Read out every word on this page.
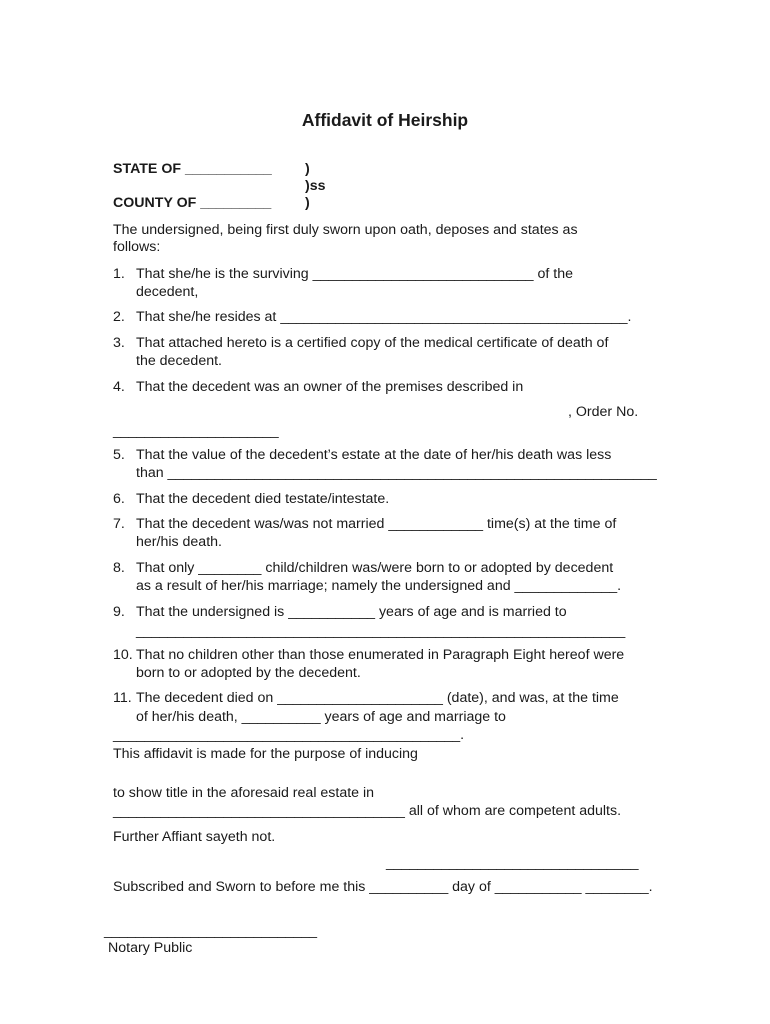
Affidavit of Heirship
STATE OF ___________ )
)ss
COUNTY OF _________ )
The undersigned, being first duly sworn upon oath, deposes and states as
follows:
1. That she/he is the surviving ____________________________ of the
decedent,
2. That she/he resides at ____________________________________________.
3. That attached hereto is a certified copy of the medical certificate of death of
the decedent.
4. That the decedent was an owner of the premises described in
, Order No.
_____________________
5. That the value of the decedent’s estate at the date of her/his death was less
than ______________________________________________________________
6. That the decedent died testate/intestate.
7. That the decedent was/was not married ____________ time(s) at the time of
her/his death.
8. That only ________ child/children was/were born to or adopted by decedent
as a result of her/his marriage; namely the undersigned and _____________.
9. That the undersigned is ___________ years of age and is married to
______________________________________________________________
10. That no children other than those enumerated in Paragraph Eight hereof were
born to or adopted by the decedent.
11. The decedent died on _____________________ (date), and was, at the time
of her/his death, __________ years of age and marriage to
____________________________________________.
This affidavit is made for the purpose of inducing
to show title in the aforesaid real estate in
_____________________________________ all of whom are competent adults.
Further Affiant sayeth not.
________________________________
Subscribed and Sworn to before me this __________ day of ___________ ________.
___________________________
Notary Public
